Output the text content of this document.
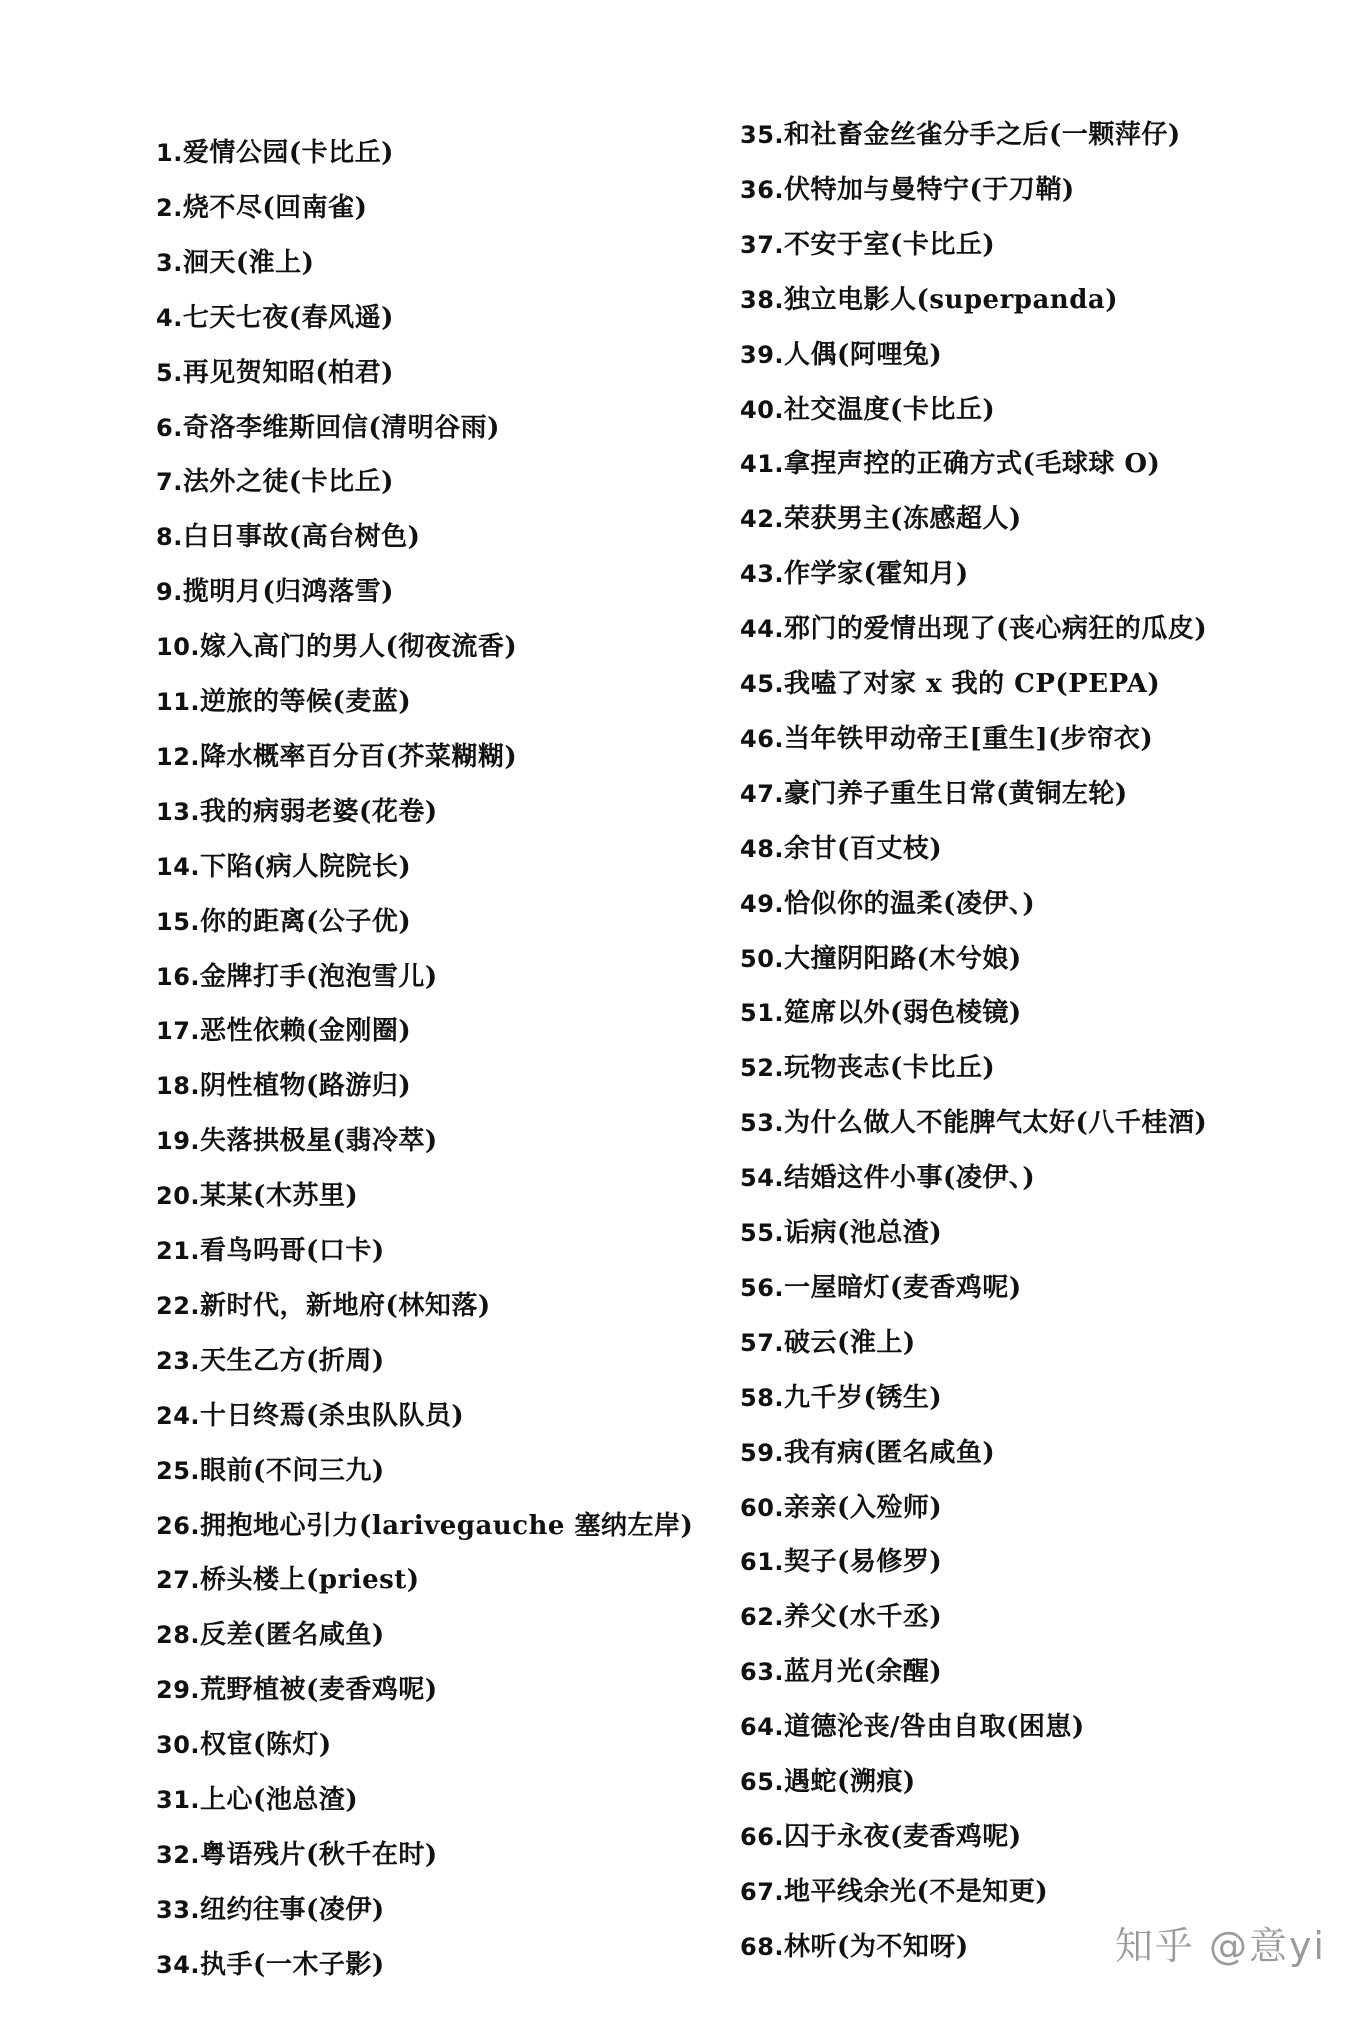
1.爱情公园(卡比丘)
2.烧不尽(回南雀)
3.洄天(淮上)
4.七天七夜(春风遥)
5.再见贺知昭(柏君)
6.奇洛李维斯回信(清明谷雨)
7.法外之徒(卡比丘)
8.白日事故(高台树色)
9.揽明月(归鸿落雪)
10.嫁入高门的男人(彻夜流香)
11.逆旅的等候(麦蓝)
12.降水概率百分百(芥菜糊糊)
13.我的病弱老婆(花卷)
14.下陷(病人院院长)
15.你的距离(公子优)
16.金牌打手(泡泡雪儿)
17.恶性依赖(金刚圈)
18.阴性植物(路游归)
19.失落拱极星(翡冷萃)
20.某某(木苏里)
21.看鸟吗哥(口卡)
22.新时代，新地府(林知落)
23.天生乙方(折周)
24.十日终焉(杀虫队队员)
25.眼前(不问三九)
26.拥抱地心引力(larivegauche 塞纳左岸)
27.桥头楼上(priest)
28.反差(匿名咸鱼)
29.荒野植被(麦香鸡呢)
30.权宦(陈灯)
31.上心(池总渣)
32.粤语残片(秋千在时)
33.纽约往事(凌伊)
34.执手(一木子影)
35.和社畜金丝雀分手之后(一颗萍仔)
36.伏特加与曼特宁(于刀鞘)
37.不安于室(卡比丘)
38.独立电影人(superpanda)
39.人偶(阿哩兔)
40.社交温度(卡比丘)
41.拿捏声控的正确方式(毛球球 O)
42.荣获男主(冻感超人)
43.作学家(霍知月)
44.邪门的爱情出现了(丧心病狂的瓜皮)
45.我嗑了对家 x 我的 CP(PEPA)
46.当年铁甲动帝王[重生](步帘衣)
47.豪门养子重生日常(黄铜左轮)
48.余甘(百丈枝)
49.恰似你的温柔(凌伊、)
50.大撞阴阳路(木兮娘)
51.筵席以外(弱色棱镜)
52.玩物丧志(卡比丘)
53.为什么做人不能脾气太好(八千桂酒)
54.结婚这件小事(凌伊、)
55.诟病(池总渣)
56.一屋暗灯(麦香鸡呢)
57.破云(淮上)
58.九千岁(锈生)
59.我有病(匿名咸鱼)
60.亲亲(入殓师)
61.契子(易修罗)
62.养父(水千丞)
63.蓝月光(余醒)
64.道德沦丧/咎由自取(困崽)
65.遇蛇(溯痕)
66.囚于永夜(麦香鸡呢)
67.地平线余光(不是知更)
68.林听(为不知呀)	知乎 @意yi
